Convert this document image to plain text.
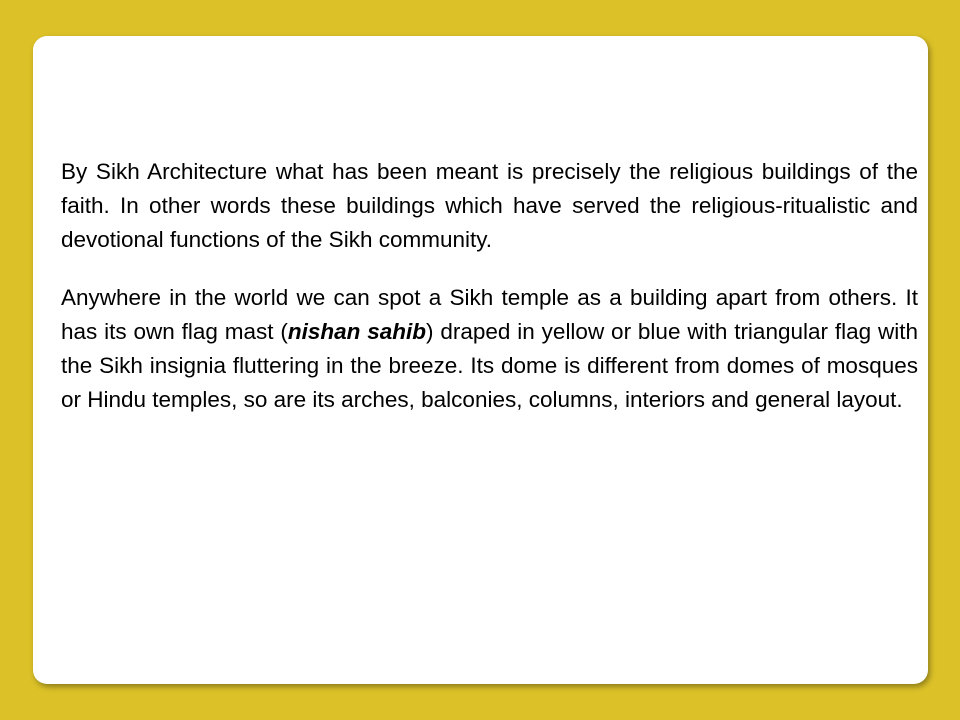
By Sikh Architecture what has been meant is precisely the religious buildings of the faith. In other words these buildings which have served the religious-ritualistic and devotional functions of the Sikh community.

Anywhere in the world we can spot a Sikh temple as a building apart from others. It has its own flag mast (nishan sahib) draped in yellow or blue with triangular flag with the Sikh insignia fluttering in the breeze. Its dome is different from domes of mosques or Hindu temples, so are its arches, balconies, columns, interiors and general layout.
